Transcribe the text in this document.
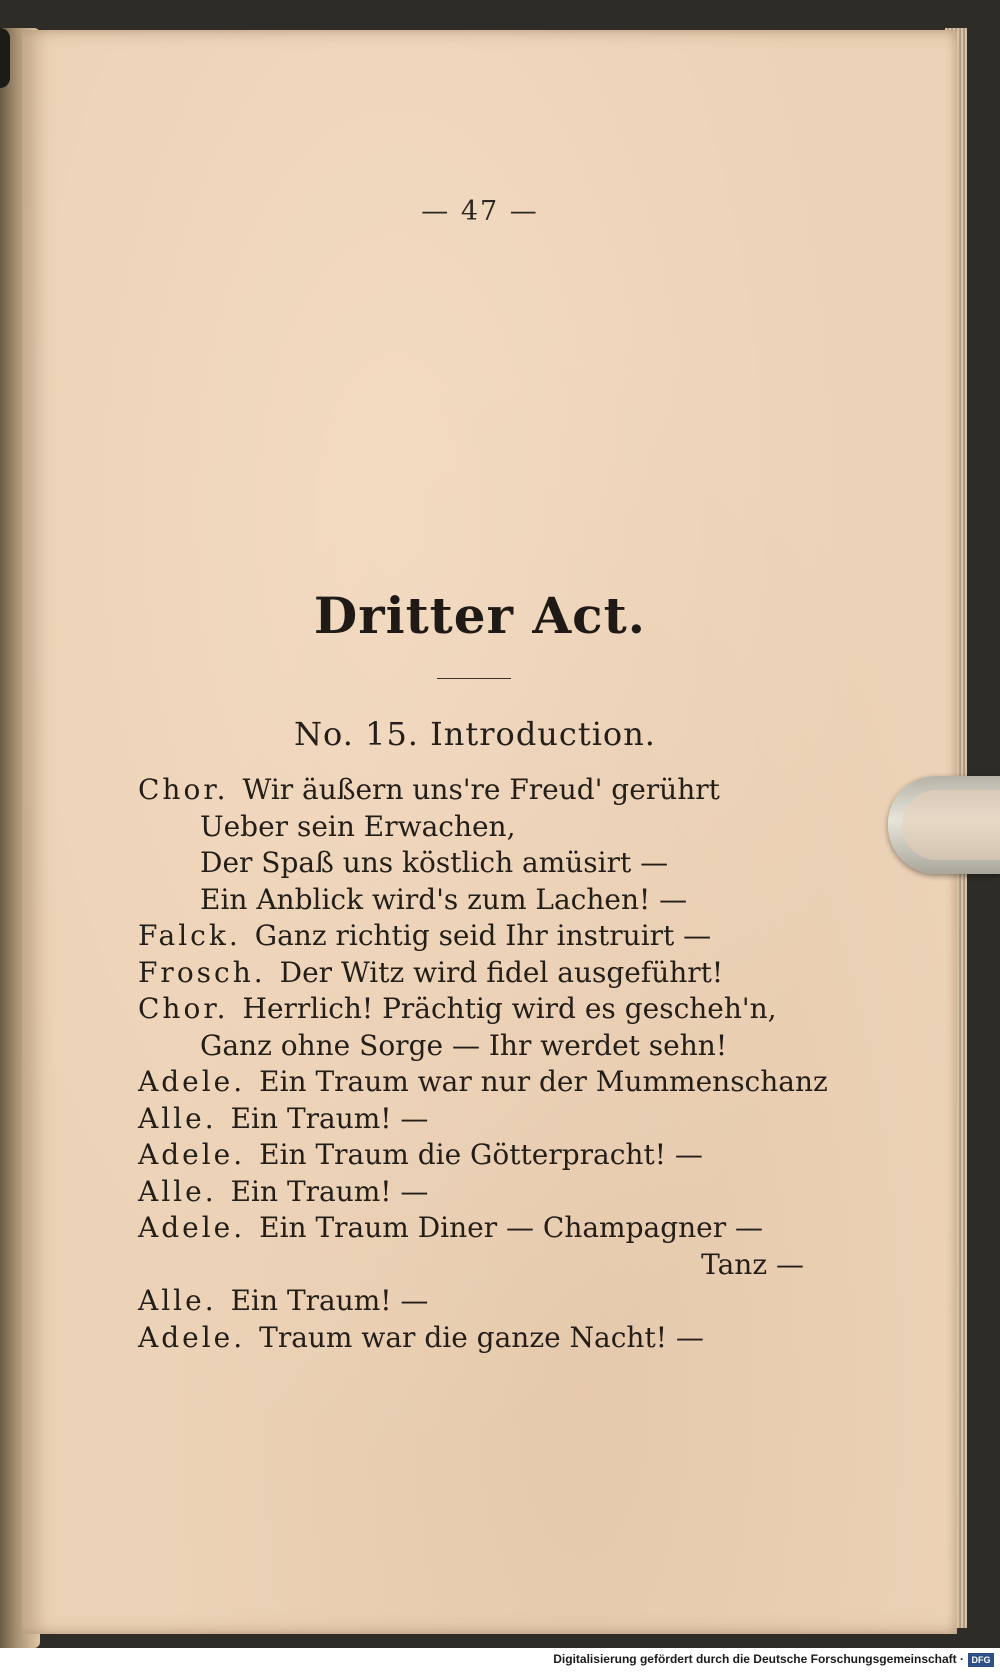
— 47 —
Dritter Act.
No. 15. Introduction.
Chor. Wir äußern uns're Freud' gerührt
Ueber sein Erwachen,
Der Spaß uns köstlich amüsirt —
Ein Anblick wird's zum Lachen! —
Falck. Ganz richtig seid Ihr instruirt —
Frosch. Der Witz wird fidel ausgeführt!
Chor. Herrlich! Prächtig wird es gescheh'n,
Ganz ohne Sorge — Ihr werdet sehn!
Adele. Ein Traum war nur der Mummenschanz
Alle. Ein Traum! —
Adele. Ein Traum die Götterpracht! —
Alle. Ein Traum! —
Adele. Ein Traum Diner — Champagner —
Tanz —
Alle. Ein Traum! —
Adele. Traum war die ganze Nacht! —
Digitalisierung gefördert durch die Deutsche Forschungsgemeinschaft · DFG
